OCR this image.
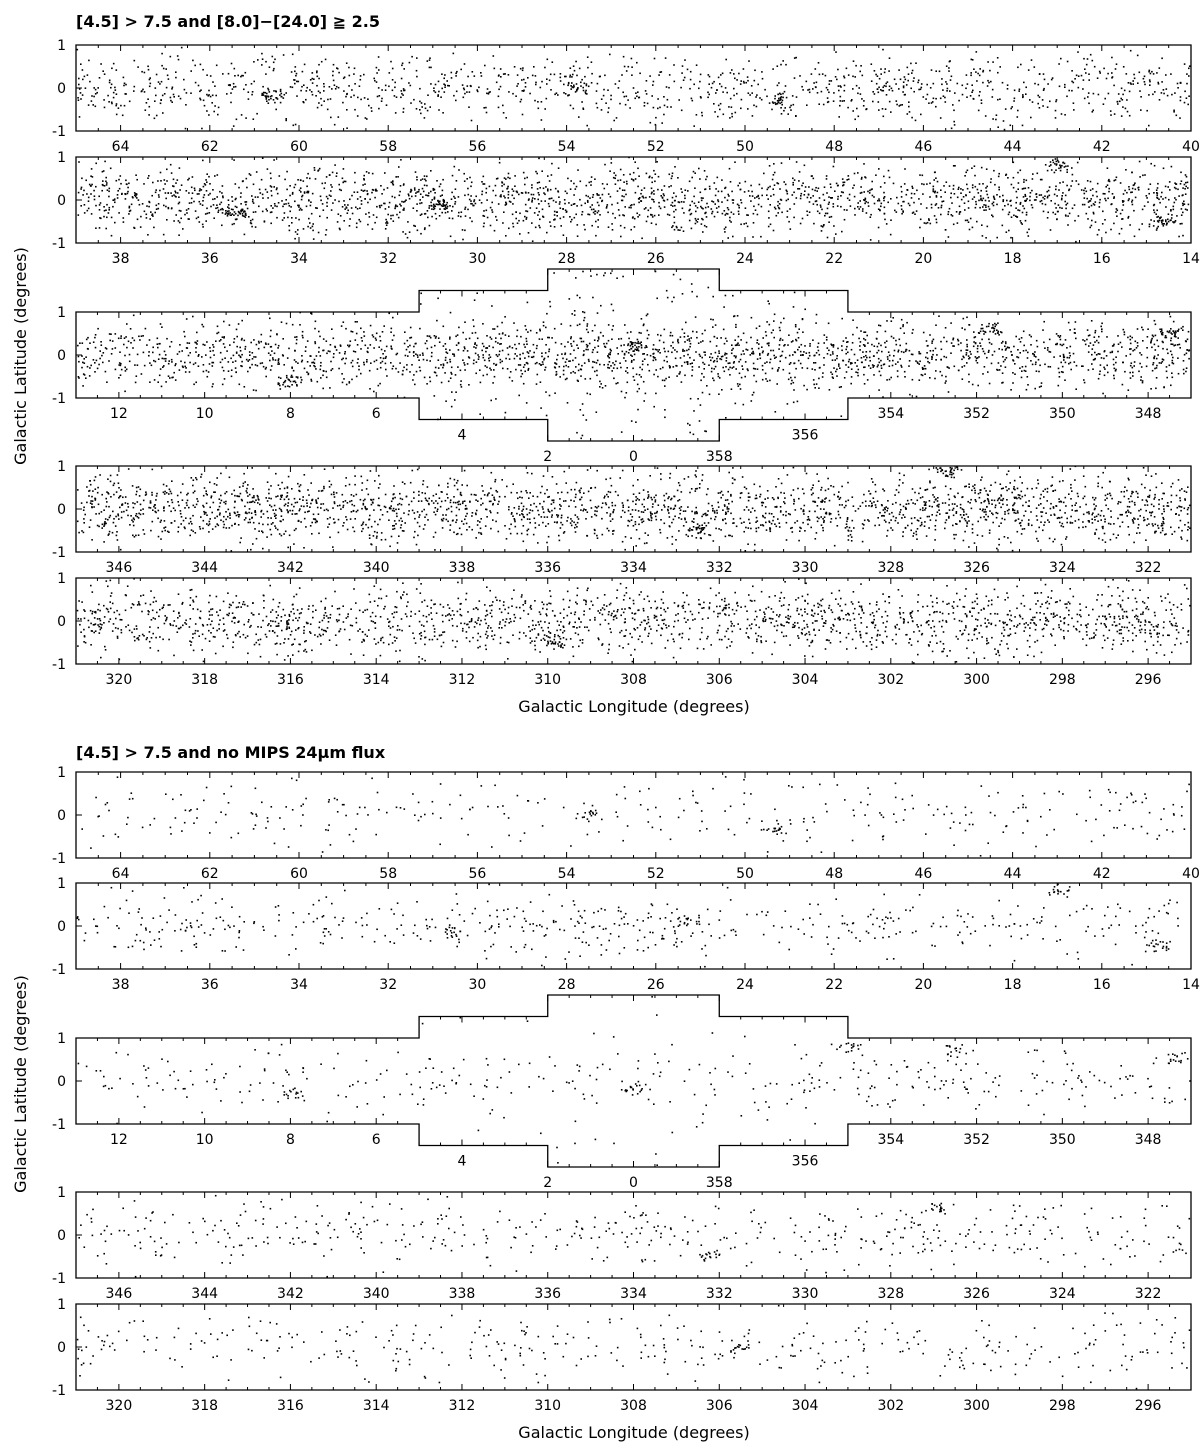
[4.5] > 7.5 and [8.0]−[24.0] ≧ 2.5
Galactic Latitude (degrees)
Galactic Longitude (degrees)
1
0
-1
64	62	60	58	56	54	52	50	48	46	44	42	40
1
0
-1
38	36	34	32	30	28	26	24	22	20	18	16	14
1
0
-1
12	10	8	6
4
2	0	358
356
354	352	350	348
1
0
-1
346	344	342	340	338	336	334	332	330	328	326	324	322
1
0
-1
320	318	316	314	312	310	308	306	304	302	300	298	296
[4.5] > 7.5 and no MIPS 24μm flux
Galactic Latitude (degrees)
Galactic Longitude (degrees)
1
0
-1
64	62	60	58	56	54	52	50	48	46	44	42	40
1
0
-1
38	36	34	32	30	28	26	24	22	20	18	16	14
1
0
-1
12	10	8	6
4
2	0	358
356
354	352	350	348
1
0
-1
346	344	342	340	338	336	334	332	330	328	326	324	322
1
0
-1
320	318	316	314	312	310	308	306	304	302	300	298	296
